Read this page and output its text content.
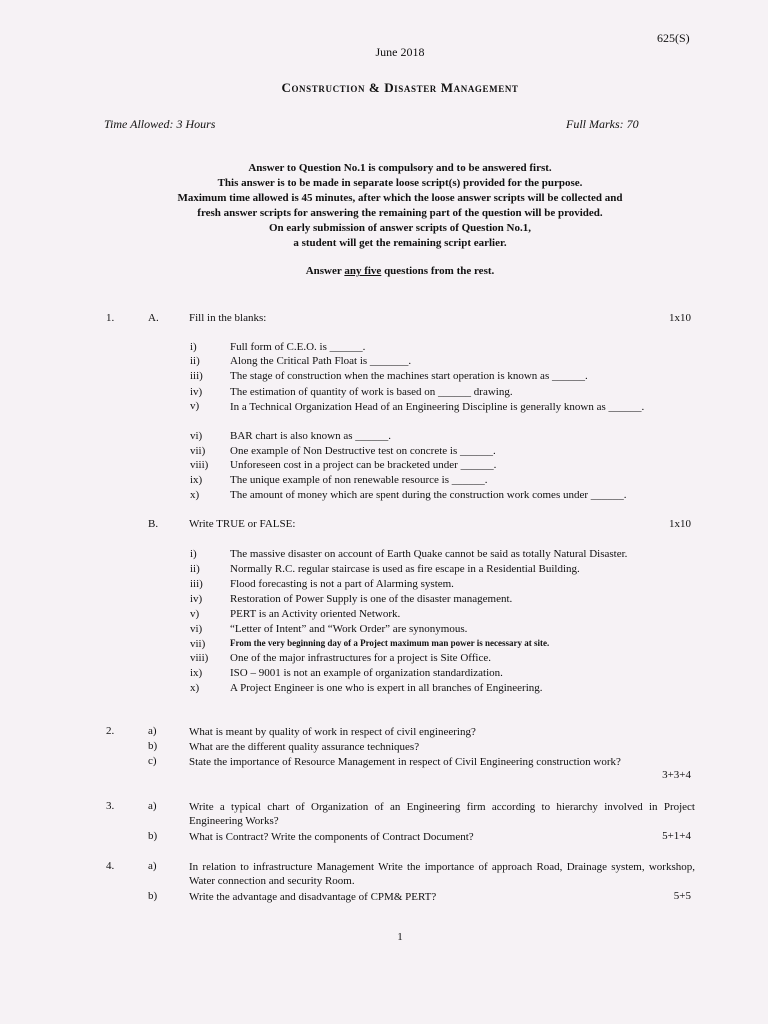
625(S)
June 2018
Construction & Disaster Management
Time Allowed: 3 Hours	Full Marks: 70
Answer to Question No.1 is compulsory and to be answered first.
This answer is to be made in separate loose script(s) provided for the purpose.
Maximum time allowed is 45 minutes, after which the loose answer scripts will be collected and
fresh answer scripts for answering the remaining part of the question will be provided.
On early submission of answer scripts of Question No.1,
a student will get the remaining script earlier.
Answer any five questions from the rest.
1.	A.	Fill in the blanks:	1x10
i)	Full form of C.E.O. is ______.
ii)	Along the Critical Path Float is _______.
iii) The stage of construction when the machines start operation is known as ______.
iv)	The estimation of quantity of work is based on ______ drawing.
v)	In a Technical Organization Head of an Engineering Discipline is generally known as ______.
vi)	BAR chart is also known as ______.
vii) One example of Non Destructive test on concrete is ______.
viii) Unforeseen cost in a project can be bracketed under ______.
ix)	The unique example of non renewable resource is ______.
x)	The amount of money which are spent during the construction work comes under ______.
B.	Write TRUE or FALSE:	1x10
i)	The massive disaster on account of Earth Quake cannot be said as totally Natural Disaster.
ii)	Normally R.C. regular staircase is used as fire escape in a Residential Building.
iii) Flood forecasting is not a part of Alarming system.
iv)	Restoration of Power Supply is one of the disaster management.
v)	PERT is an Activity oriented Network.
vi)	“Letter of Intent” and “Work Order” are synonymous.
vii)	From the very beginning day of a Project maximum man power is necessary at site.
viii) One of the major infrastructures for a project is Site Office.
ix)	ISO – 9001 is not an example of organization standardization.
x)	A Project Engineer is one who is expert in all branches of Engineering.
2.	a)	What is meant by quality of work in respect of civil engineering?
b)	What are the different quality assurance techniques?
c)	State the importance of Resource Management in respect of Civil Engineering construction work?
3+3+4
3.	a)	Write a typical chart of Organization of an Engineering firm according to hierarchy involved in Project Engineering Works?
b)	What is Contract? Write the components of Contract Document?	5+1+4
4.	a)	In relation to infrastructure Management Write the importance of approach Road, Drainage system, workshop, Water connection and security Room.
b)	Write the advantage and disadvantage of CPM& PERT?	5+5
1
